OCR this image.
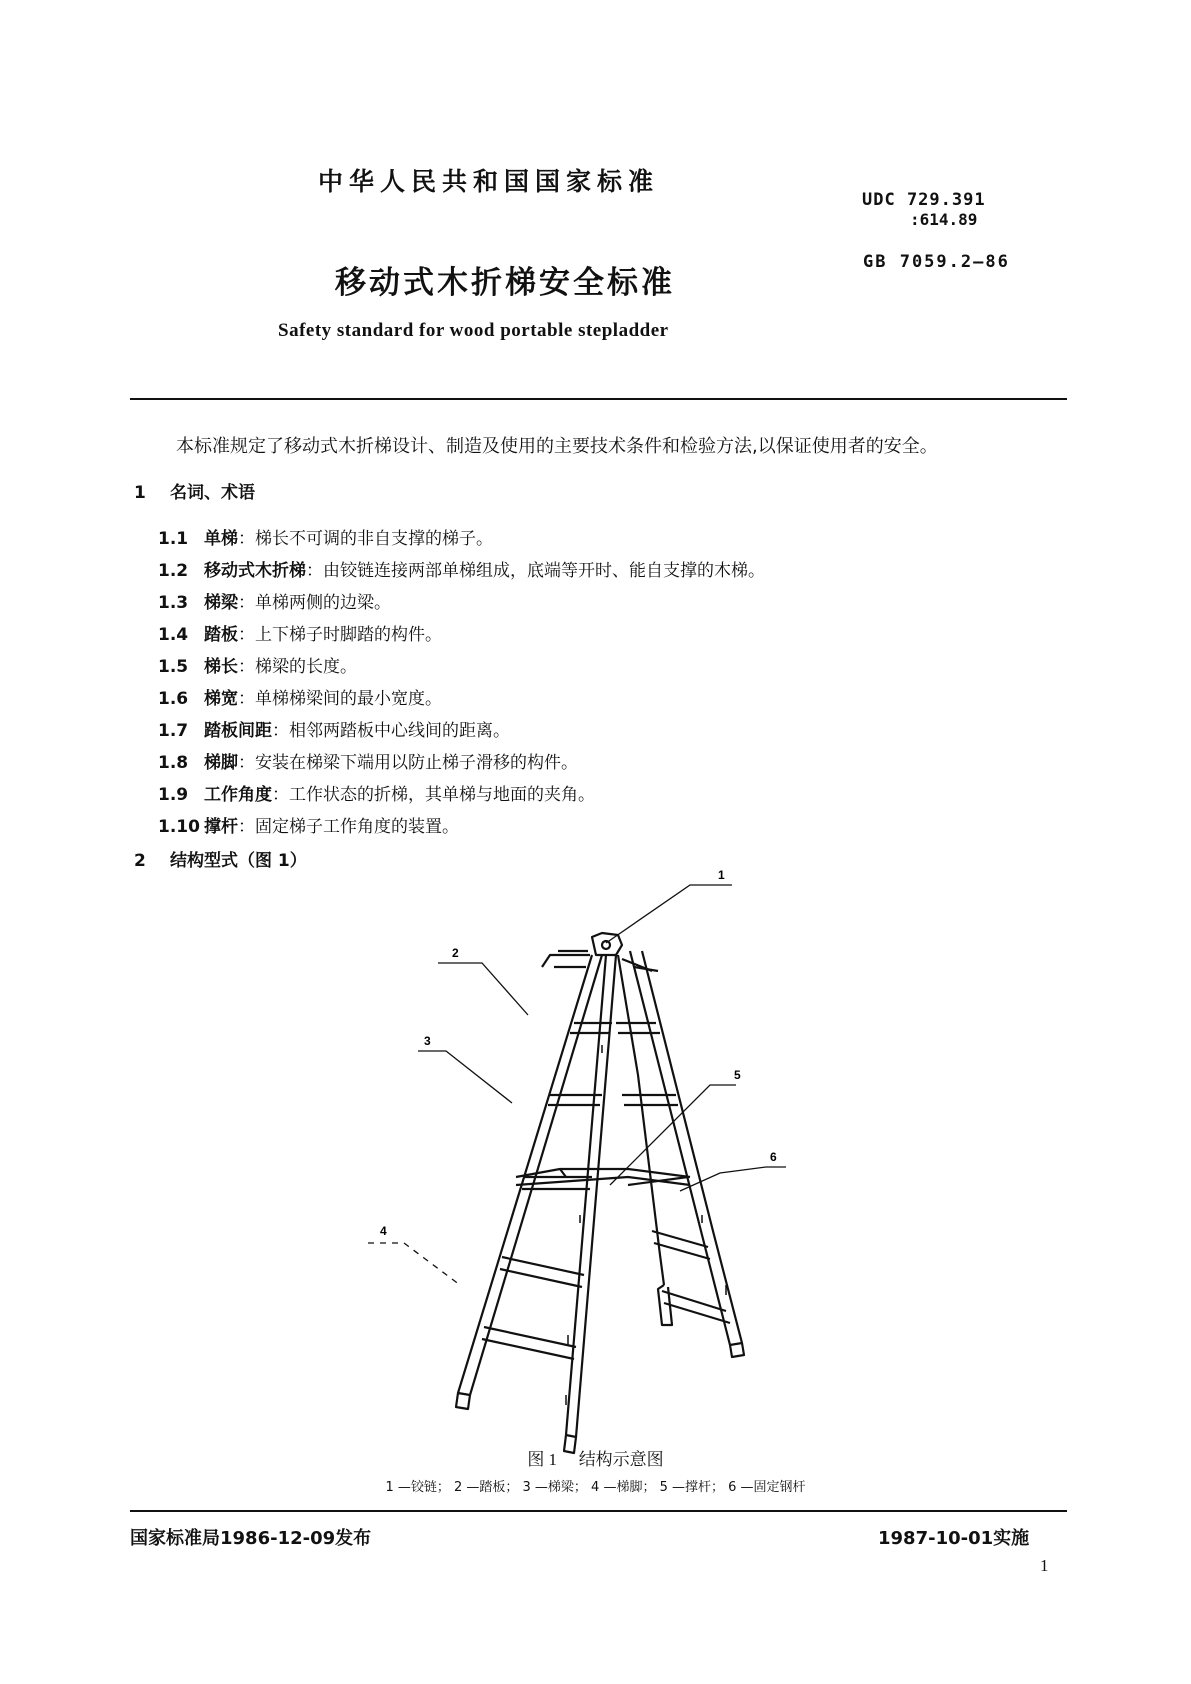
中华人民共和国国家标准
UDC 729.391
:614.89
移动式木折梯安全标准
GB 7059.2—86
Safety standard for wood portable stepladder
本标准规定了移动式木折梯设计、制造及使用的主要技术条件和检验方法,以保证使用者的安全。
1 名词、术语
1.1 单梯：梯长不可调的非自支撑的梯子。
1.2 移动式木折梯：由铰链连接两部单梯组成，底端等开时、能自支撑的木梯。
1.3 梯梁：单梯两侧的边梁。
1.4 踏板：上下梯子时脚踏的构件。
1.5 梯长：梯梁的长度。
1.6 梯宽：单梯梯梁间的最小宽度。
1.7 踏板间距：相邻两踏板中心线间的距离。
1.8 梯脚：安装在梯梁下端用以防止梯子滑移的构件。
1.9 工作角度：工作状态的折梯，其单梯与地面的夹角。
1.10 撑杆：固定梯子工作角度的装置。
2 结构型式（图 1）
1
2
3
4
5
6
图 1 结构示意图
1 —铰链； 2 —踏板； 3 —梯梁； 4 —梯脚； 5 —撑杆； 6 —固定钢杆
国家标准局1986-12-09发布	1987-10-01实施
1
